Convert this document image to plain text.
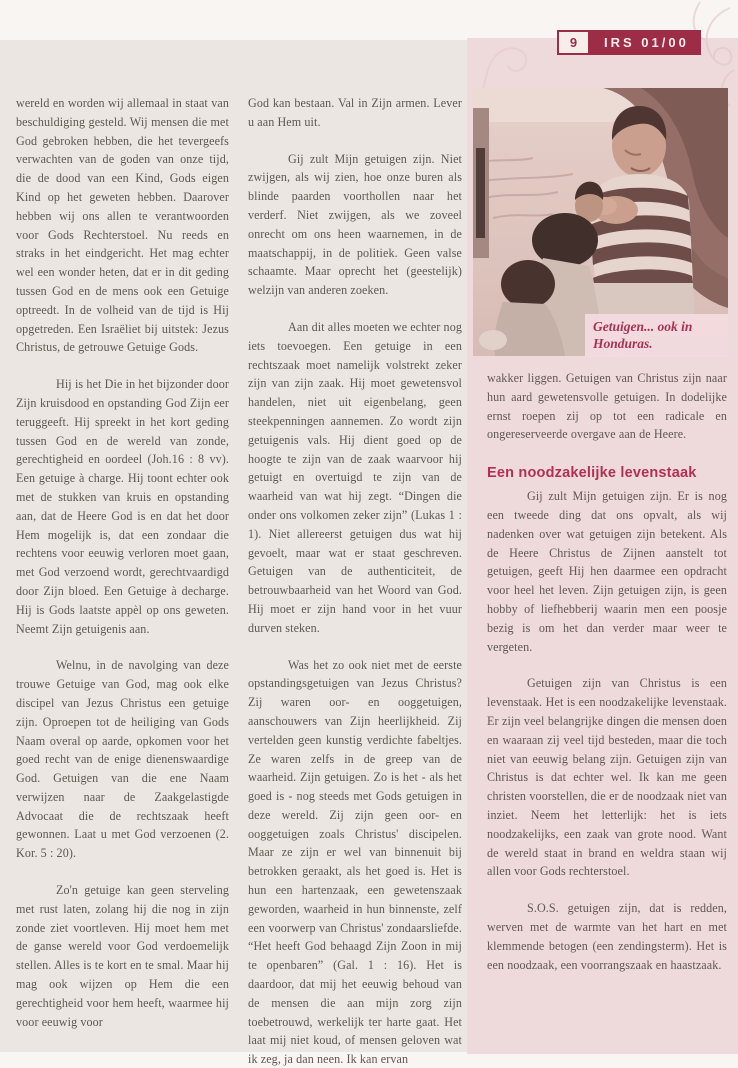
9	IRS 01/00
Getuigen... ook in
Honduras.

wereld en worden wij allemaal in staat van beschuldiging gesteld. Wij mensen die met God gebroken hebben, die het tevergeefs verwachten van de goden van onze tijd, die de dood van een Kind, Gods eigen Kind op het geweten hebben. Daarover hebben wij ons allen te verantwoorden voor Gods Rechterstoel. Nu reeds en straks in het eindgericht. Het mag echter wel een wonder heten, dat er in dit geding tussen God en de mens ook een Getuige optreedt. In de volheid van de tijd is Hij opgetreden. Een Israëliet bij uitstek: Jezus Christus, de getrouwe Getuige Gods.

Hij is het Die in het bijzonder door Zijn kruisdood en opstanding God Zijn eer teruggeeft. Hij spreekt in het kort geding tussen God en de wereld van zonde, gerechtigheid en oordeel (Joh.16 : 8 vv). Een getuige à charge. Hij toont echter ook met de stukken van kruis en opstanding aan, dat de Heere God is en dat het door Hem mogelijk is, dat een zondaar die rechtens voor eeuwig verloren moet gaan, met God verzoend wordt, gerechtvaardigd door Zijn bloed. Een Getuige à decharge. Hij is Gods laatste appèl op ons geweten. Neemt Zijn getuigenis aan.

Welnu, in de navolging van deze trouwe Getuige van God, mag ook elke discipel van Jezus Christus een getuige zijn. Oproepen tot de heiliging van Gods Naam overal op aarde, opkomen voor het goed recht van de enige dienenswaardige God. Getuigen van die ene Naam verwijzen naar de Zaakgelastigde Advocaat die de rechtszaak heeft gewonnen. Laat u met God verzoenen (2. Kor. 5 : 20).

Zo'n getuige kan geen sterveling met rust laten, zolang hij die nog in zijn zonde ziet voortleven. Hij moet hem met de ganse wereld voor God verdoemelijk stellen. Alles is te kort en te smal. Maar hij mag ook wijzen op Hem die een gerechtigheid voor hem heeft, waarmee hij voor eeuwig voor

God kan bestaan. Val in Zijn armen. Lever u aan Hem uit.

Gij zult Mijn getuigen zijn. Niet zwijgen, als wij zien, hoe onze buren als blinde paarden voorthollen naar het verderf. Niet zwijgen, als we zoveel onrecht om ons heen waarnemen, in de maatschappij, in de politiek. Geen valse schaamte. Maar oprecht het (geestelijk) welzijn van anderen zoeken.

Aan dit alles moeten we echter nog iets toevoegen. Een getuige in een rechtszaak moet namelijk volstrekt zeker zijn van zijn zaak. Hij moet gewetensvol handelen, niet uit eigenbelang, geen steekpenningen aannemen. Zo wordt zijn getuigenis vals. Hij dient goed op de hoogte te zijn van de zaak waarvoor hij getuigt en overtuigd te zijn van de waarheid van wat hij zegt. “Dingen die onder ons volkomen zeker zijn” (Lukas 1 : 1). Niet allereerst getuigen dus wat hij gevoelt, maar wat er staat geschreven. Getuigen van de authenticiteit, de betrouwbaarheid van het Woord van God. Hij moet er zijn hand voor in het vuur durven steken.

Was het zo ook niet met de eerste opstandingsgetuigen van Jezus Christus? Zij waren oor- en ooggetuigen, aanschouwers van Zijn heerlijkheid. Zij vertelden geen kunstig verdichte fabeltjes. Ze waren zelfs in de greep van de waarheid. Zijn getuigen. Zo is het - als het goed is - nog steeds met Gods getuigen in deze wereld. Zij zijn geen oor- en ooggetuigen zoals Christus' discipelen. Maar ze zijn er wel van binnenuit bij betrokken geraakt, als het goed is. Het is hun een hartenzaak, een gewetenszaak geworden, waarheid in hun binnenste, zelf een voorwerp van Christus' zondaarsliefde. “Het heeft God behaagd Zijn Zoon in mij te openbaren” (Gal. 1 : 16). Het is daardoor, dat mij het eeuwig behoud van de mensen die aan mijn zorg zijn toebetrouwd, werkelijk ter harte gaat. Het laat mij niet koud, of mensen geloven wat ik zeg, ja dan neen. Ik kan ervan

wakker liggen. Getuigen van Christus zijn naar hun aard gewetensvolle getuigen. In dodelijke ernst roepen zij op tot een radicale en ongereserveerde overgave aan de Heere.

Een noodzakelijke levenstaak

Gij zult Mijn getuigen zijn. Er is nog een tweede ding dat ons opvalt, als wij nadenken over wat getuigen zijn betekent. Als de Heere Christus de Zijnen aanstelt tot getuigen, geeft Hij hen daarmee een opdracht voor heel het leven. Zijn getuigen zijn, is geen hobby of liefhebberij waarin men een poosje bezig is om het dan verder maar weer te vergeten.

Getuigen zijn van Christus is een levenstaak. Het is een noodzakelijke levenstaak. Er zijn veel belangrijke dingen die mensen doen en waaraan zij veel tijd besteden, maar die toch niet van eeuwig belang zijn. Getuigen zijn van Christus is dat echter wel. Ik kan me geen christen voorstellen, die er de noodzaak niet van inziet. Neem het letterlijk: het is iets noodzakelijks, een zaak van grote nood. Want de wereld staat in brand en weldra staan wij allen voor Gods rechterstoel.

S.O.S. getuigen zijn, dat is redden, werven met de warmte van het hart en met klemmende betogen (een zendingsterm). Het is een noodzaak, een voorrangszaak en haastzaak.
